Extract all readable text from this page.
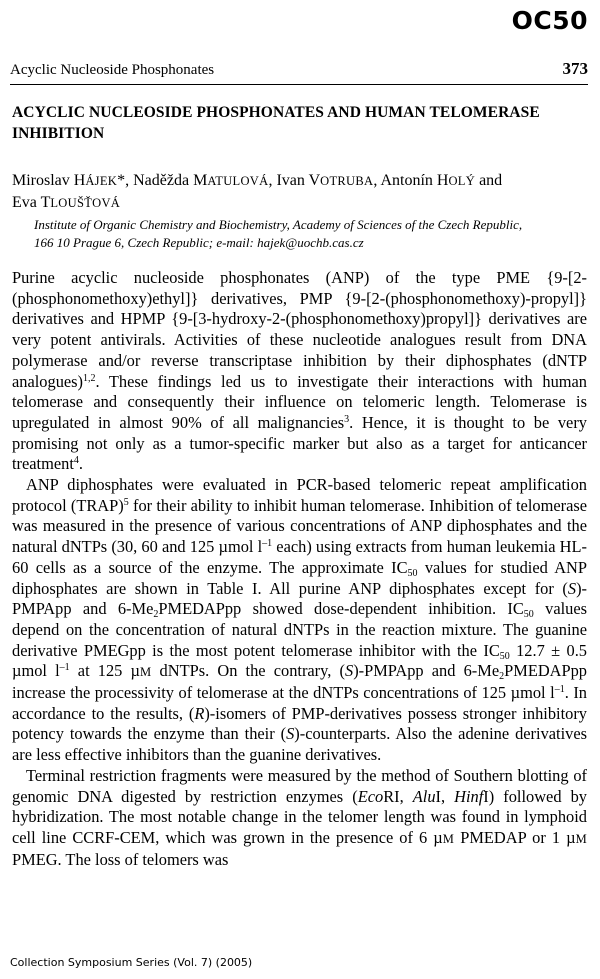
OC50
Acyclic Nucleoside Phosphonates	373
ACYCLIC NUCLEOSIDE PHOSPHONATES AND HUMAN TELOMERASE INHIBITION
Miroslav HÁJEK*, Naděžda MATULOVÁ, Ivan VOTRUBA, Antonín HOLÝ and
Eva TLOUŠŤOVÁ
Institute of Organic Chemistry and Biochemistry, Academy of Sciences of the Czech Republic,
166 10 Prague 6, Czech Republic; e-mail: hajek@uochb.cas.cz

Purine acyclic nucleoside phosphonates (ANP) of the type PME {9-[2-(phosphonomethoxy)ethyl]} derivatives, PMP {9-[2-(phosphonomethoxy)-propyl]} derivatives and HPMP {9-[3-hydroxy-2-(phosphonomethoxy)propyl]} derivatives are very potent antivirals. Activities of these nucleotide analogues result from DNA polymerase and/or reverse transcriptase inhibition by their diphosphates (dNTP analogues)$^{1,2}$. These findings led us to investigate their interactions with human telomerase and consequently their influence on telomeric length. Telomerase is upregulated in almost 90% of all malignancies$^3$. Hence, it is thought to be very promising not only as a tumor-specific marker but also as a target for anticancer treatment$^4$.

ANP diphosphates were evaluated in PCR-based telomeric repeat amplification protocol (TRAP)$^5$ for their ability to inhibit human telomerase. Inhibition of telomerase was measured in the presence of various concentrations of ANP diphosphates and the natural dNTPs (30, 60 and 125 µmol $l^{-1}$ each) using extracts from human leukemia HL-60 cells as a source of the enzyme. The approximate $IC_{50}$ values for studied ANP diphosphates are shown in Table I. All purine ANP diphosphates except for (S)-PMPApp and $6-Me_2PMEDAPpp$ showed dose-dependent inhibition. $IC_{50}$ values depend on the concentration of natural dNTPs in the reaction mixture. The guanine derivative PMEGpp is the most potent telomerase inhibitor with the $IC_{50}$ 12.7 ± 0.5 µmol $l^{-1}$ at 125 µM dNTPs. On the contrary, (S)-PMPApp and $6-Me_2PMEDAPpp$ increase the processivity of telomerase at the dNTPs concentrations of 125 µmol $l^{-1}$. In accordance to the results, (R)-isomers of PMP-derivatives possess stronger inhibitory potency towards the enzyme than their (S)-counterparts. Also the adenine derivatives are less effective inhibitors than the guanine derivatives.

Terminal restriction fragments were measured by the method of Southern blotting of genomic DNA digested by restriction enzymes (EcoRI, AluI, HinfI) followed by hybridization. The most notable change in the telomer length was found in lymphoid cell line CCRF-CEM, which was grown in the presence of 6 µM PMEDAP or 1 µM PMEG. The loss of telomers was

Collection Symposium Series (Vol. 7) (2005)
